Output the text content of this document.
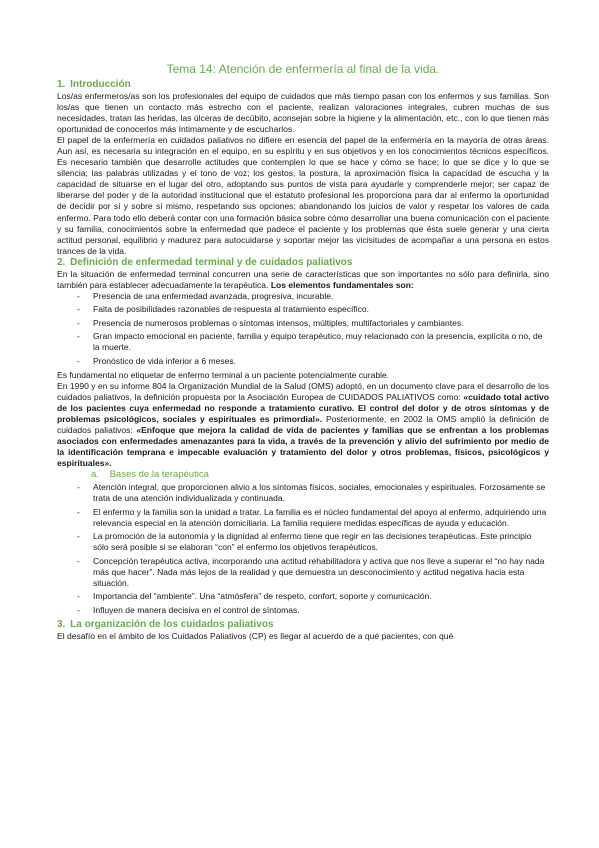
Tema 14: Atención de enfermería al final de la vida.
1. Introducción

Los/as enfermeros/as son los profesionales del equipo de cuidados que más tiempo pasan con los enfermos y sus familias. Son los/as que tienen un contacto más estrecho con el paciente, realizan valoraciones integrales, cubren muchas de sus necesidades, tratan las heridas, las úlceras de decúbito, aconsejan sobre la higiene y la alimentación, etc., con lo que tienen más oportunidad de conocerlos más íntimamente y de escucharlos.

El papel de la enfermería en cuidados paliativos no difiere en esencia del papel de la enfermería en la mayoría de otras áreas. Aun así, es necesaria su integración en el equipo, en su espíritu y en sus objetivos y en los conocimientos técnicos específicos. Es necesario también que desarrolle actitudes que contemplen lo que se hace y cómo se hace; lo que se dice y lo que se silencia; las palabras utilizadas y el tono de voz; los gestos, la postura, la aproximación física la capacidad de escucha y la capacidad de situarse en el lugar del otro, adoptando sus puntos de vista para ayudarle y comprenderle mejor; ser capaz de liberarse del poder y de la autoridad institucional que el estatuto profesional les proporciona para dar al enfermo la oportunidad de decidir por sí y sobre sí mismo, respetando sus opciones; abandonando los juicios de valor y respetar los valores de cada enfermo. Para todo ello deberá contar con una formación básica sobre cómo desarrollar una buena comunicación con el paciente y su familia, conocimientos sobre la enfermedad que padece el paciente y los problemas que ésta suele generar y una cierta actitud personal, equilibrio y madurez para autocuidarse y soportar mejor las vicisitudes de acompañar a una persona en estos trances de la vida.

2. Definición de enfermedad terminal y de cuidados paliativos

En la situación de enfermedad terminal concurren una serie de características que son importantes no sólo para definirla, sino también para establecer adecuadamente la terapéutica. Los elementos fundamentales son:

- Presencia de una enfermedad avanzada, progresiva, incurable.
- Falta de posibilidades razonables de respuesta al tratamiento específico.
- Presencia de numerosos problemas o síntomas intensos, múltiples, multifactoriales y cambiantes.
- Gran impacto emocional en paciente, familia y equipo terapéutico, muy relacionado con la presencia, explícita o no, de la muerte.
- Pronóstico de vida inferior a 6 meses.

Es fundamental no etiquetar de enfermo terminal a un paciente potencialmente curable.

En 1990 y en su informe 804 la Organización Mundial de la Salud (OMS) adoptó, en un documento clave para el desarrollo de los cuidados paliativos, la definición propuesta por la Asociación Europea de CUIDADOS PALIATIVOS como: «cuidado total activo de los pacientes cuya enfermedad no responde a tratamiento curativo. El control del dolor y de otros síntomas y de problemas psicológicos, sociales y espirituales es primordial». Posteriormente, en 2002 la OMS amplió la definición de cuidados paliativos: «Enfoque que mejora la calidad de vida de pacientes y familias que se enfrentan a los problemas asociados con enfermedades amenazantes para la vida, a través de la prevención y alivio del sufrimiento por medio de la identificación temprana e impecable evaluación y tratamiento del dolor y otros problemas, físicos, psicológicos y espirituales».

a. Bases de la terapéutica
- Atención integral, que proporcionen alivio a los síntomas físicos, sociales, emocionales y espirituales. Forzosamente se trata de una atención individualizada y continuada.
- El enfermo y la familia son la unidad a tratar. La familia es el núcleo fundamental del apoyo al enfermo, adquiriendo una relevancia especial en la atención domiciliaria. La familia requiere medidas específicas de ayuda y educación.
- La promoción de la autonomía y la dignidad al enfermo tiene que regir en las decisiones terapéuticas. Este principio sólo será posible si se elaboran “con” el enfermo los objetivos terapéuticos.
- Concepción terapéutica activa, incorporando una actitud rehabilitadora y activa que nos lleve a superar el “no hay nada más que hacer”. Nada más lejos de la realidad y que demuestra un desconocimiento y actitud negativa hacia esta situación.
- Importancia del “ambiente”. Una “atmósfera” de respeto, confort, soporte y comunicación.
- Influyen de manera decisiva en el control de síntomas.
3. La organización de los cuidados paliativos

El desafío en el ámbito de los Cuidados Paliativos (CP) es llegar al acuerdo de a qué pacientes, con qué
